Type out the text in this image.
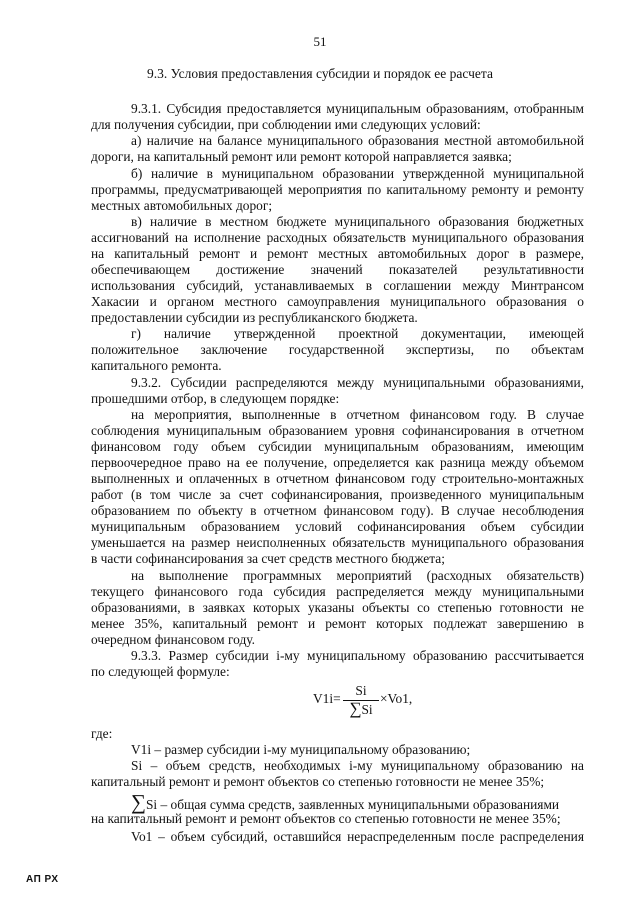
51
9.3. Условия предоставления субсидии и порядок ее расчета
9.3.1. Субсидия предоставляется муниципальным образованиям, отобранным
для получения субсидии, при соблюдении ими следующих условий:
а) наличие на балансе муниципального образования местной автомобильной
дороги, на капитальный ремонт или ремонт которой направляется заявка;
б) наличие в муниципальном образовании утвержденной муниципальной
программы, предусматривающей мероприятия по капитальному ремонту и ремонту
местных автомобильных дорог;
в) наличие в местном бюджете муниципального образования бюджетных
ассигнований на исполнение расходных обязательств муниципального образования
на капитальный ремонт и ремонт местных автомобильных дорог в размере,
обеспечивающем достижение значений показателей результативности
использования субсидий, устанавливаемых в соглашении между Минтрансом
Хакасии и органом местного самоуправления муниципального образования о
предоставлении субсидии из республиканского бюджета.
г) наличие утвержденной проектной документации, имеющей
положительное заключение государственной экспертизы, по объектам
капитального ремонта.
9.3.2. Субсидии распределяются между муниципальными образованиями,
прошедшими отбор, в следующем порядке:
на мероприятия, выполненные в отчетном финансовом году. В случае
соблюдения муниципальным образованием уровня софинансирования в отчетном
финансовом году объем субсидии муниципальным образованиям, имеющим
первоочередное право на ее получение, определяется как разница между объемом
выполненных и оплаченных в отчетном финансовом году строительно-монтажных
работ (в том числе за счет софинансирования, произведенного муниципальным
образованием по объекту в отчетном финансовом году). В случае несоблюдения
муниципальным образованием условий софинансирования объем субсидии
уменьшается на размер неисполненных обязательств муниципального образования
в части софинансирования за счет средств местного бюджета;
на выполнение программных мероприятий (расходных обязательств)
текущего финансового года субсидия распределяется между муниципальными
образованиями, в заявках которых указаны объекты со степенью готовности не
менее 35%, капитальный ремонт и ремонт которых подлежат завершению в
очередном финансовом году.
9.3.3. Размер субсидии i-му муниципальному образованию рассчитывается
по следующей формуле:
V1i=
Si
∑Si
×Vo1,
где:
V1i – размер субсидии i-му муниципальному образованию;
Si – объем средств, необходимых i-му муниципальному образованию на
капитальный ремонт и ремонт объектов со степенью готовности не менее 35%;
∑Si – общая сумма средств, заявленных муниципальными образованиями
на капитальный ремонт и ремонт объектов со степенью готовности не менее 35%;
Vo1 – объем субсидий, оставшийся нераспределенным после распределения
АП РХ
